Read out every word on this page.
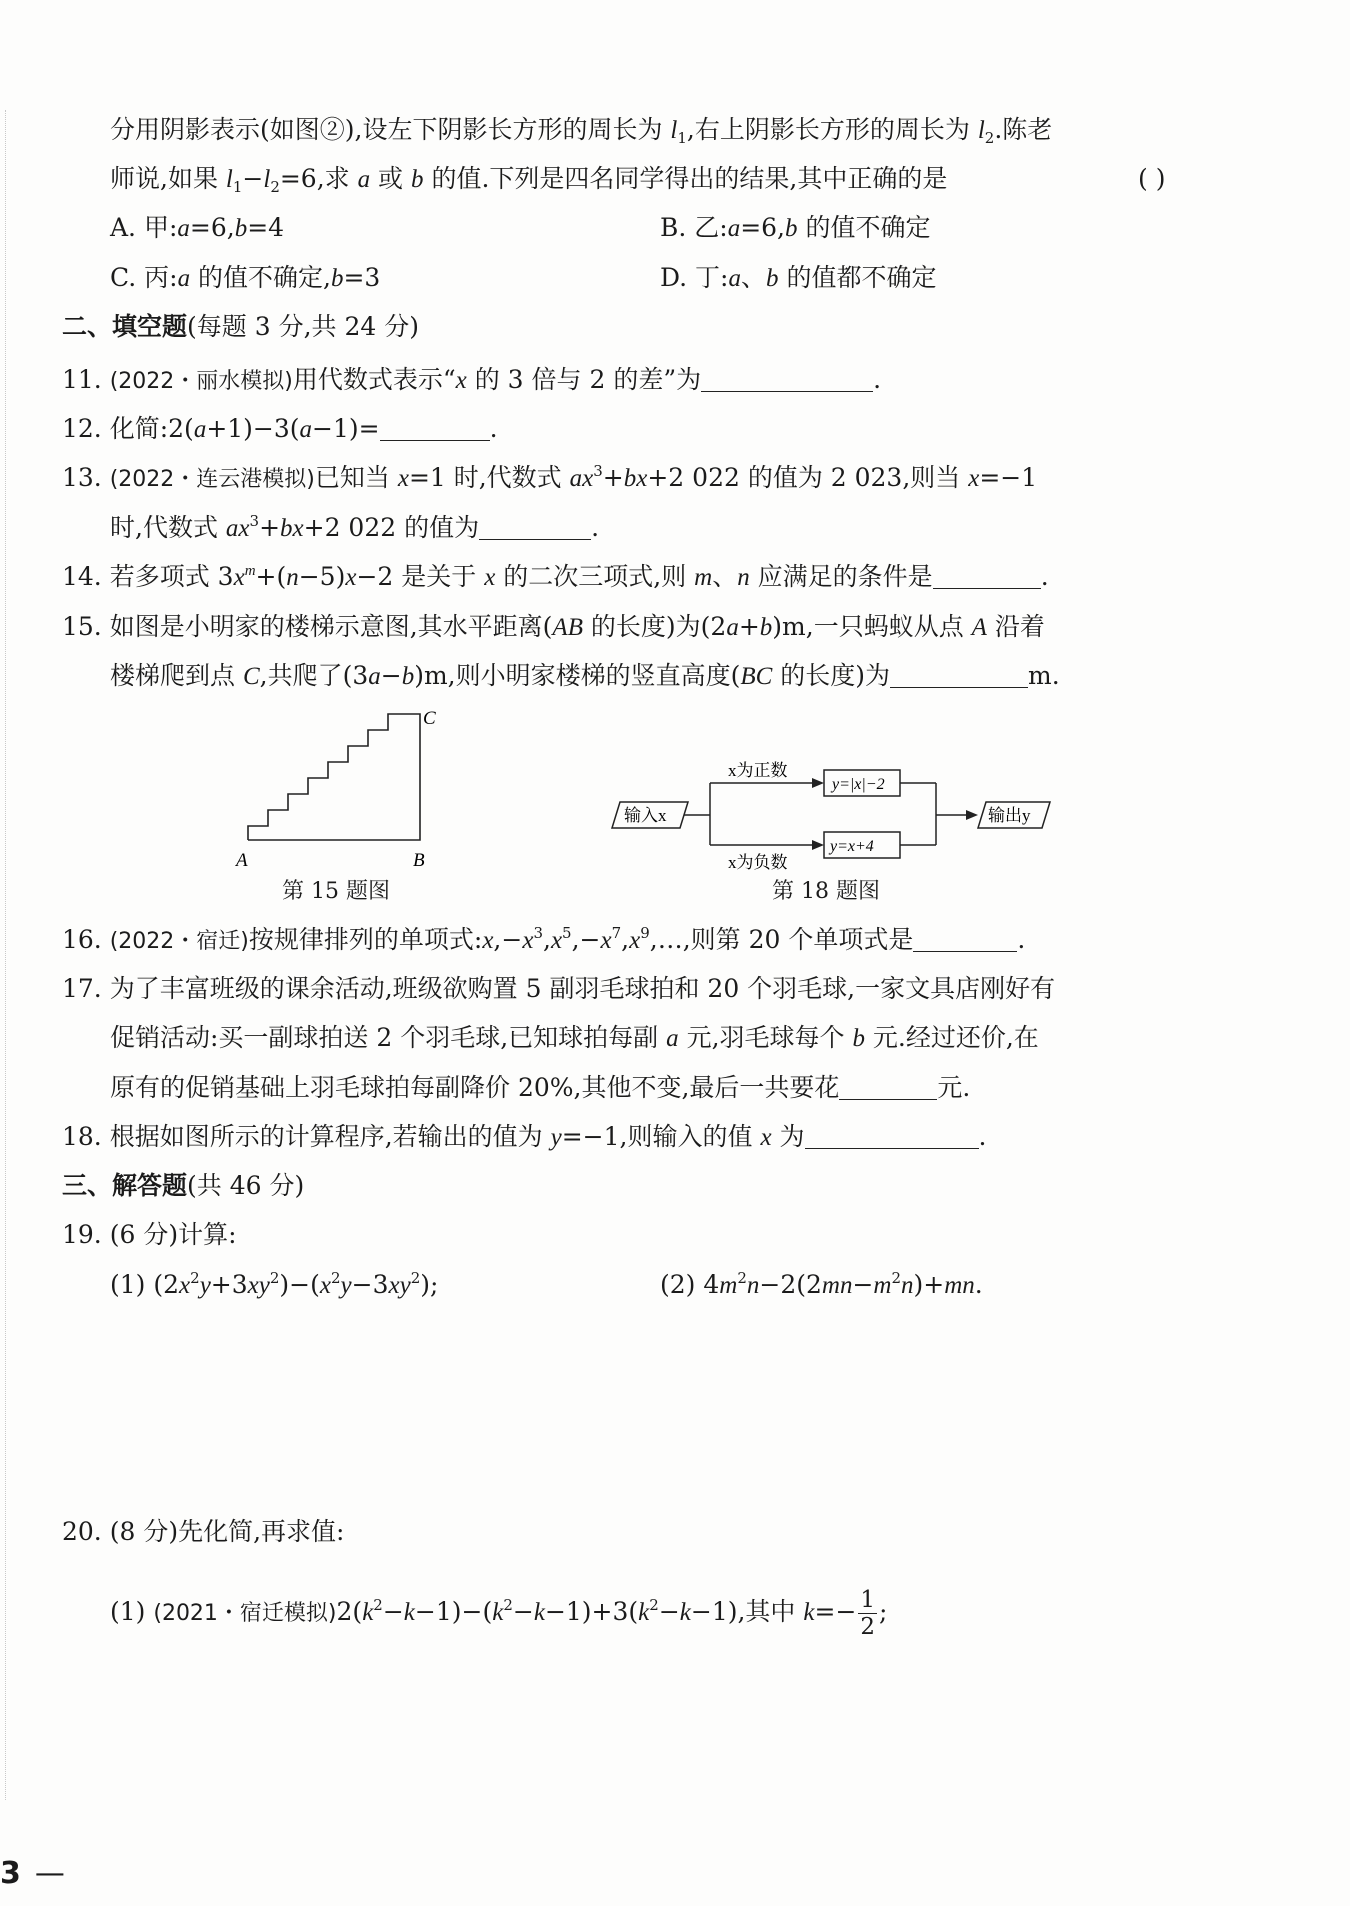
分用阴影表示(如图②),设左下阴影长方形的周长为 $l_1$,右上阴影长方形的周长为 $l_2$.陈老
师说,如果 $l_1-l_2=6$,求 a 或 b 的值.下列是四名同学得出的结果,其中正确的是	( )
A. 甲:a=6,b=4	B. 乙:a=6,b 的值不确定
C. 丙:a 的值不确定,b=3	D. 丁:a、b 的值都不确定
二、填空题(每题 3 分,共 24 分)
11. (2022・丽水模拟)用代数式表示“x 的 3 倍与 2 的差”为	.
12. 化简:2(a+1)−3(a−1)=	.
13. (2022・连云港模拟)已知当 x=1 时,代数式 $ax^3+bx+2$ 022 的值为 2 023,则当 x=−1
时,代数式 $ax^3+bx+2$ 022 的值为	.
14. 若多项式 $3x^m+(n-5)x-2$ 是关于 x 的二次三项式,则 m、n 应满足的条件是	.
15. 如图是小明家的楼梯示意图,其水平距离(AB 的长度)为(2a+b)m,一只蚂蚁从点 A 沿着
楼梯爬到点 C,共爬了(3a−b)m,则小明家楼梯的竖直高度(BC 的长度)为	m.
A	B
C
第 15 题图
输入x
x为正数
x为负数
y=|x|−2
y=x+4
输出y
第 18 题图
16. (2022・宿迁)按规律排列的单项式$:x,-x^3,x^5,-x^7,x^9,\dots$,则第 20 个单项式是	.
17. 为了丰富班级的课余活动,班级欲购置 5 副羽毛球拍和 20 个羽毛球,一家文具店刚好有
促销活动:买一副球拍送 2 个羽毛球,已知球拍每副 a 元,羽毛球每个 b 元.经过还价,在
原有的促销基础上羽毛球拍每副降价 20%,其他不变,最后一共要花	元.
18. 根据如图所示的计算程序,若输出的值为 y=−1,则输入的值 x 为	.
三、解答题(共 46 分)
19. (6 分)计算:
(1) $(2x^2y+3xy^2)-(x^2y-3xy^2)$;	(2) $4m^2n-2(2mn-m^2n)+mn$.
20. (8 分)先化简,再求值:
(1) (2021・宿迁模拟)$2(k^2-k-1)-(k^2-k-1)+3(k^2-k-1)$,其中 $k=- \frac{1}{2}$ ;
3 —
